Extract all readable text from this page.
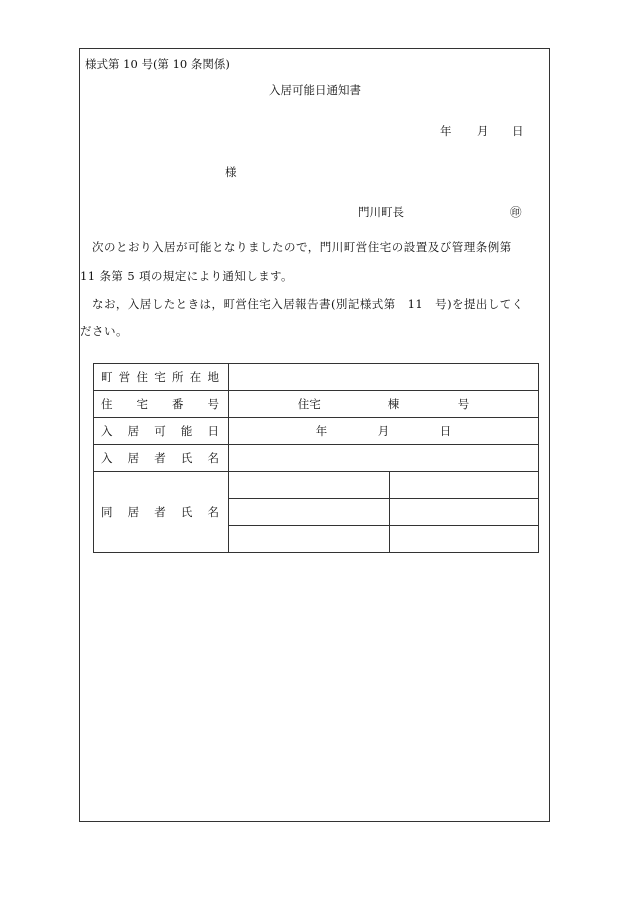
様式第 10 号(第 10 条関係)
入居可能日通知書
年 月 日
様
門川町長	㊞
次のとおり入居が可能となりましたので，門川町営住宅の設置及び管理条例第
11 条第 5 項の規定により通知します。
なお，入居したときは，町営住宅入居報告書(別記様式第　11　号)を提出してく
ださい。
町営住宅所在地		
住宅番号	住宅 棟 号	
入居可能日	年 月 日	
入居者氏名		
同居者氏名		
